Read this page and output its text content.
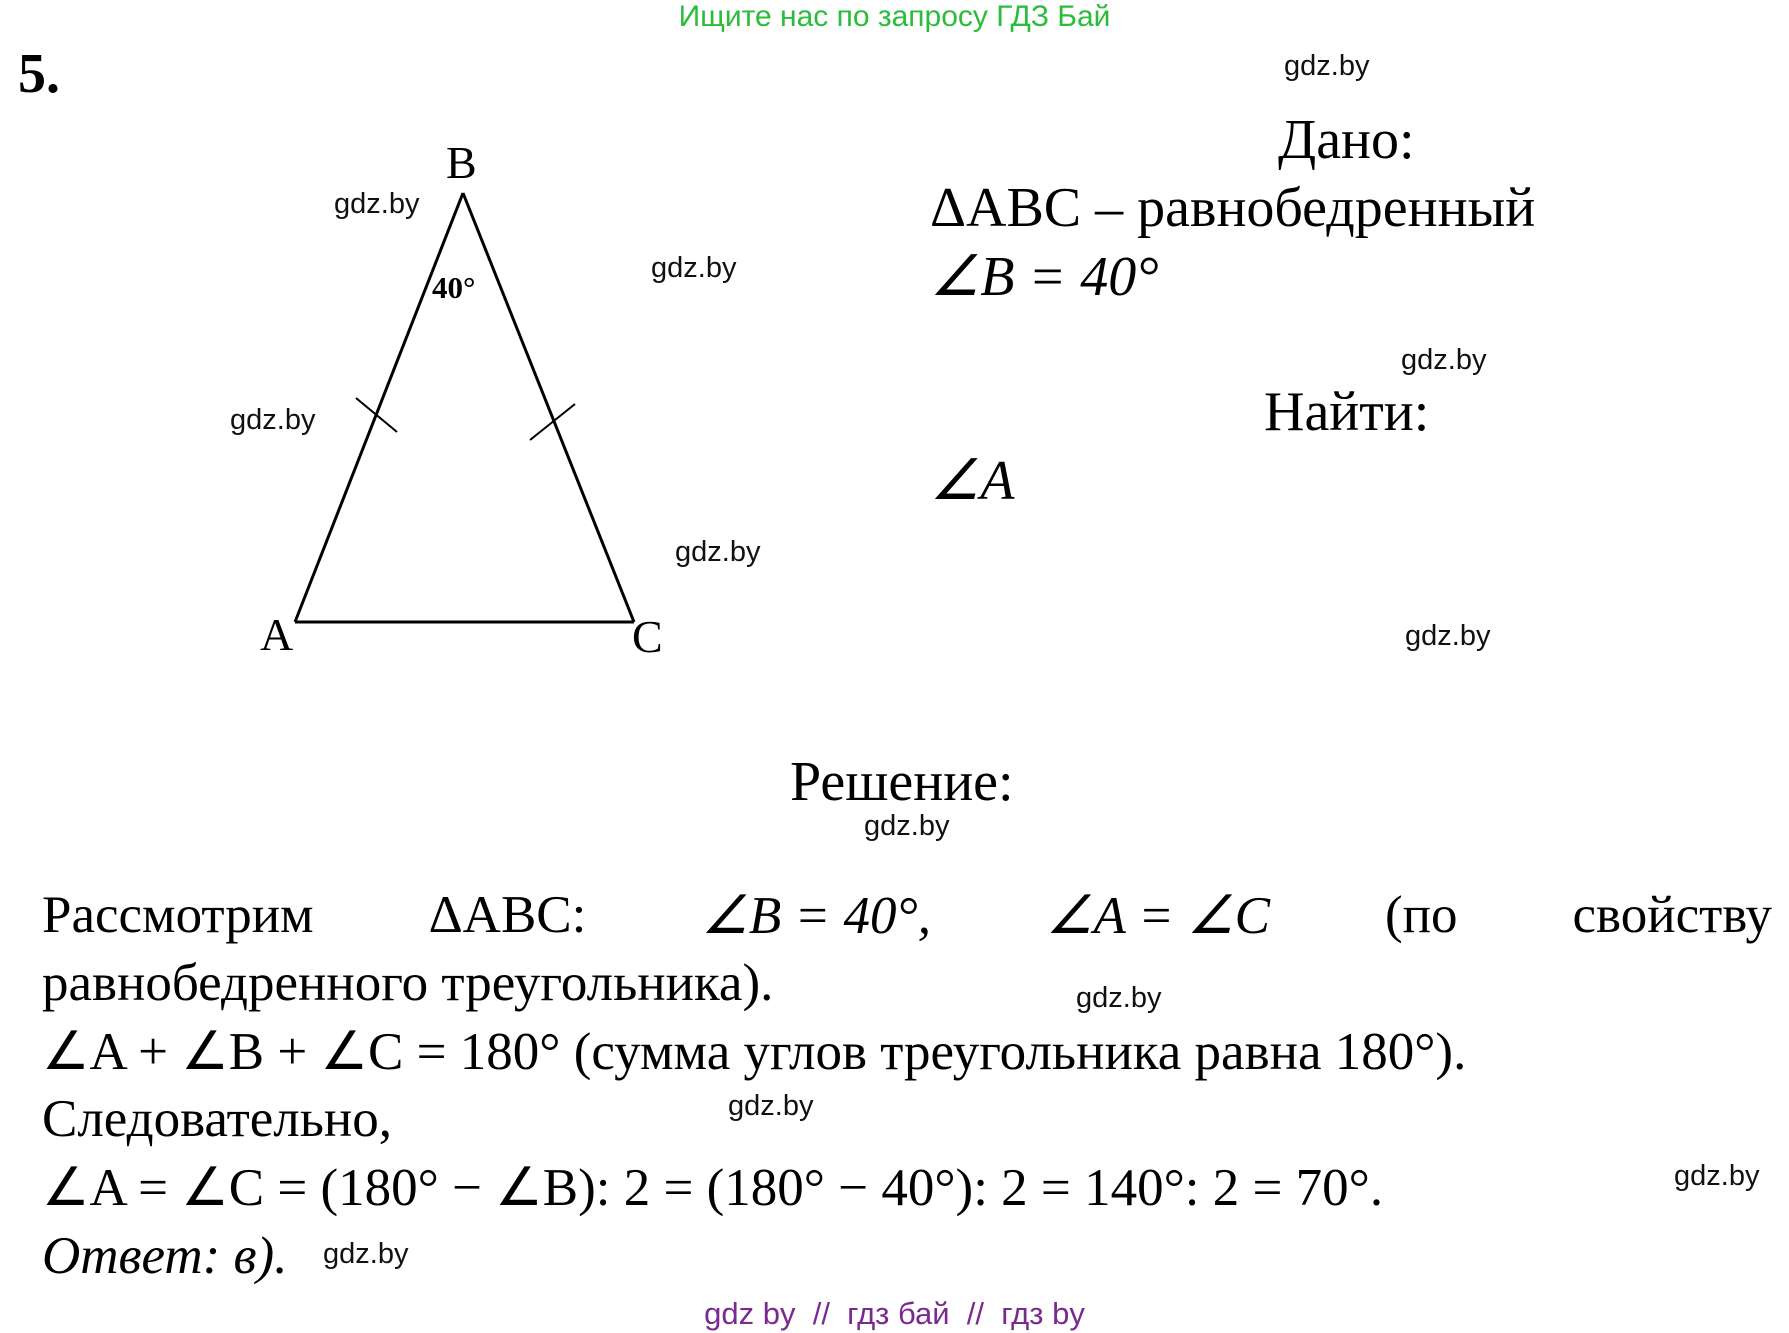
Ищите нас по запросу ГДЗ Бай
5.
B
A	C
40°
Дано:
ΔABC – равнобедренный
∠B = 40°
Найти:
∠A
Решение:
Рассмотрим ΔABC: ∠B = 40°, ∠A = ∠C (по свойству
равнобедренного треугольника).
∠A + ∠B + ∠C = 180° (сумма углов треугольника равна 180°).
Следовательно,
∠A = ∠C = (180° − ∠B): 2 = (180° − 40°): 2 = 140°: 2 = 70°.
Ответ: в).
gdz.by
gdz.by
gdz.by
gdz.by
gdz.by
gdz.by
gdz.by
gdz.by
gdz.by
gdz.by
gdz.by
gdz.by
gdz by  //  гдз бай  //  гдз by
